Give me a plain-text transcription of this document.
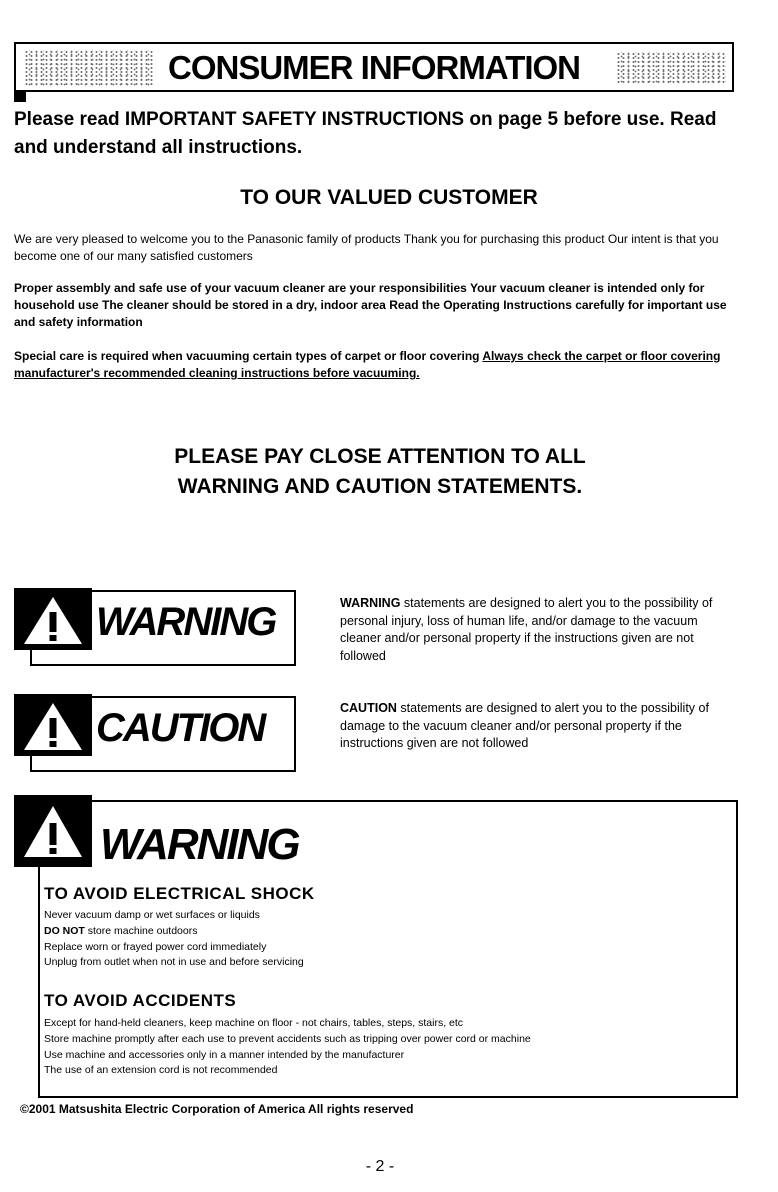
CONSUMER INFORMATION
Please read IMPORTANT SAFETY INSTRUCTIONS on page 5 before use. Read and understand all instructions.
TO OUR VALUED CUSTOMER
We are very pleased to welcome you to the Panasonic family of products Thank you for purchasing this product Our intent is that you become one of our many satisfied customers
Proper assembly and safe use of your vacuum cleaner are your responsibilities Your vacuum cleaner is intended only for household use The cleaner should be stored in a dry, indoor area Read the Operating Instructions carefully for important use and safety information
Special care is required when vacuuming certain types of carpet or floor covering Always check the carpet or floor covering manufacturer's recommended cleaning instructions before vacuuming.
PLEASE PAY CLOSE ATTENTION TO ALL
WARNING AND CAUTION STATEMENTS.
WARNING	WARNING statements are designed to alert you to the possibility of personal injury, loss of human life, and/or damage to the vacuum cleaner and/or personal property if the instructions given are not followed
CAUTION	CAUTION statements are designed to alert you to the possibility of damage to the vacuum cleaner and/or personal property if the instructions given are not followed
WARNING
TO AVOID ELECTRICAL SHOCK
Never vacuum damp or wet surfaces or liquids
DO NOT store machine outdoors
Replace worn or frayed power cord immediately
Unplug from outlet when not in use and before servicing
TO AVOID ACCIDENTS
Except for hand-held cleaners, keep machine on floor - not chairs, tables, steps, stairs, etc
Store machine promptly after each use to prevent accidents such as tripping over power cord or machine
Use machine and accessories only in a manner intended by the manufacturer
The use of an extension cord is not recommended
©2001 Matsushita Electric Corporation of America All rights reserved
- 2 -
